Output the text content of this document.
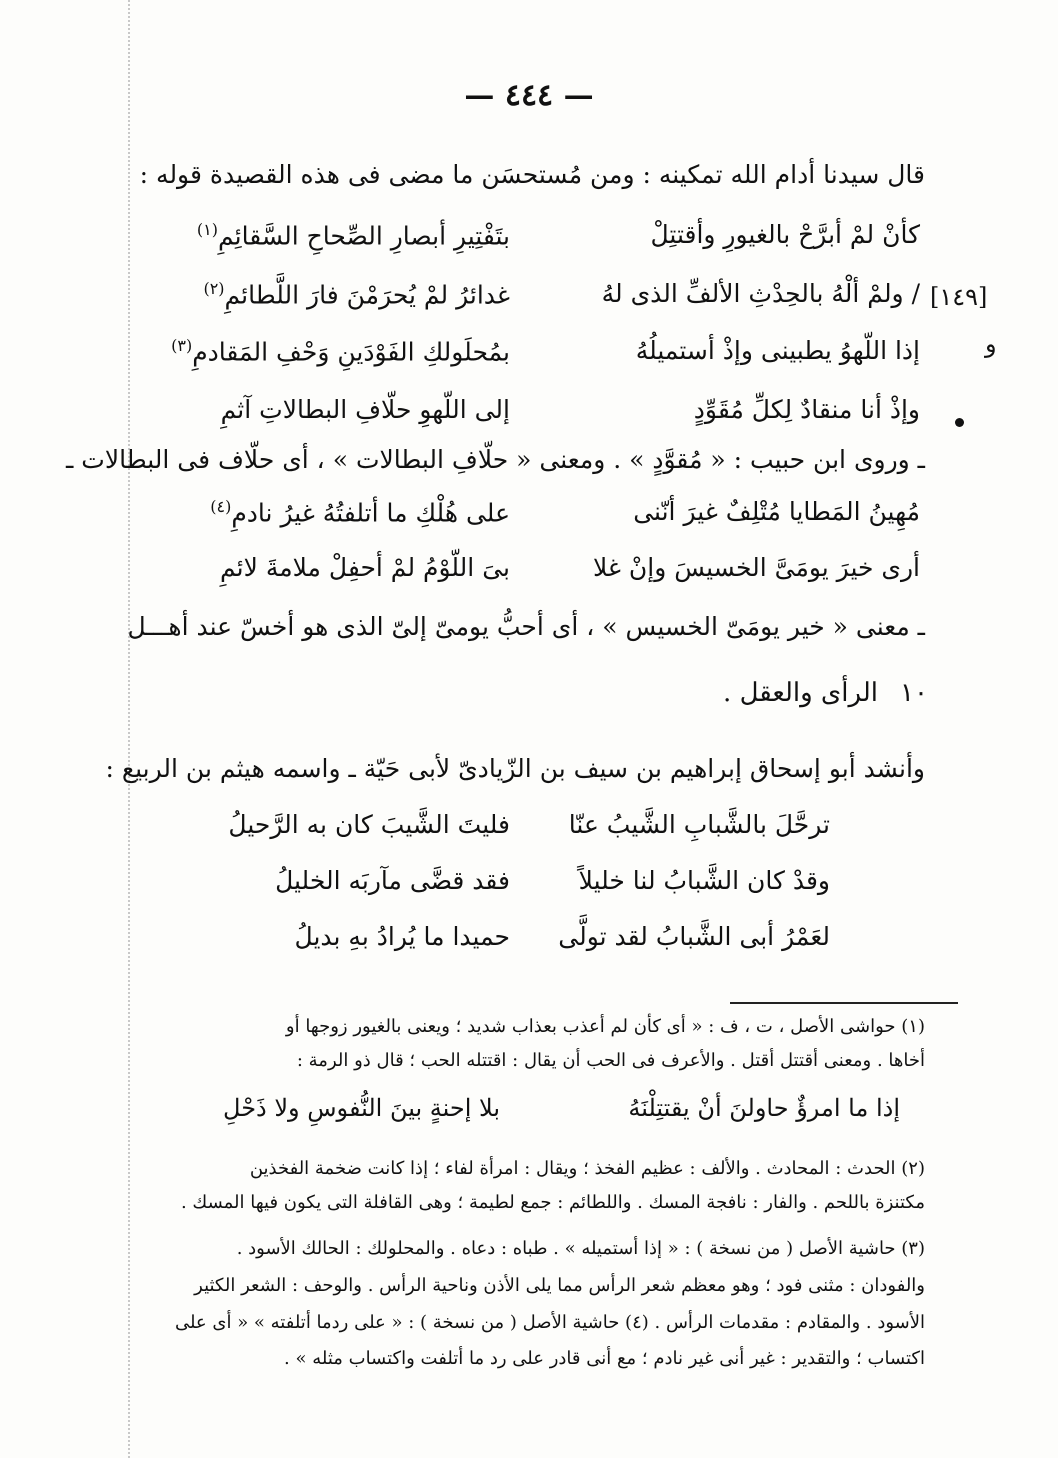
— ٤٤٤ —
قال سيدنا أدام الله تمكينه : ومن مُستحسَن ما مضى فى هذه القصيدة قوله :
كأنْ لمْ أبرَّحْ بالغيورِ وأقتتِلْ
بتَفْتِيرِ أبصارِ الصِّحاحِ السَّقائِمِ$^{(١)}$
/ ولمْ ألْهُ بالحِدْثِ الألفِّ الذى لهُ
غدائرُ لمْ يُحرَمْنَ فارَ اللَّطائمِ$^{(٢)}$
إذا اللّهوُ يطبينى وإذْ أستميلُهُ
بمُحلَولكِ الفَوْدَينِ وَحْفِ المَقادمِ$^{(٣)}$
وإذْ أنا منقادٌ لِكلِّ مُقَوِّدٍ
إلى اللّهوِ حلّافِ البطالاتِ آثمِ
[١٤٩]
و
ـ وروى ابن حبيب : « مُقوَّدٍ » . ومعنى « حلّافِ البطالات » ، أى حلّاف فى البطالات ـ
مُهِينُ المَطايا مُتْلِفٌ غيرَ أنّنى
على هُلْكِ ما أتلفتُهُ غيرُ نادمِ$^{(٤)}$
أرى خيرَ يومَىَّ الخسيسَ وإنْ غلا
بىَ اللّوْمُ لمْ أحفِلْ ملامةَ لائمِ
ـ معنى « خير يومَىّ الخسيس » ، أى أحبُّ يومىّ إلىّ الذى هو أخسّ عند أهـــل
١٠
الرأى والعقل .
وأنشد أبو إسحاق إبراهيم بن سيف بن الزّيادىّ لأبى حَيّة ـ واسمه هيثم بن الربيع :
ترحَّلَ بالشَّبابِ الشَّيبُ عنّا
فليتَ الشَّيبَ كان به الرَّحيلُ
وقدْ كان الشَّبابُ لنا خليلاً
فقد قضَّى مآربَه الخليلُ
لعَمْرُ أبى الشَّبابُ لقد تولَّى
حميدا ما يُرادُ بهِ بديلُ
(١) حواشى الأصل ، ت ، ف : « أى كأن لم أعذب بعذاب شديد ؛ ويعنى بالغيور زوجها أو
أخاها . ومعنى أقتتل أقتل . والأعرف فى الحب أن يقال : اقتتله الحب ؛ قال ذو الرمة :
إذا ما امرؤٌ حاولنَ أنْ يقتتِلْنَهُ
بلا إحنةٍ بينَ النُّفوسِ ولا ذَحْلِ
(٢) الحدث : المحادث . والألف : عظيم الفخذ ؛ ويقال : امرأة لفاء ؛ إذا كانت ضخمة الفخذين
مكتنزة باللحم . والفار : نافجة المسك . واللطائم : جمع لطيمة ؛ وهى القافلة التى يكون فيها المسك .
(٣) حاشية الأصل ( من نسخة ) : « إذا أستميله » . طباه : دعاه . والمحلولك : الحالك الأسود .
والفودان : مثنى فود ؛ وهو معظم شعر الرأس مما يلى الأذن وناحية الرأس . والوحف : الشعر الكثير
الأسود . والمقادم : مقدمات الرأس . (٤) حاشية الأصل ( من نسخة ) : « على ردما أتلفته » « أى على
اكتساب ؛ والتقدير : غير أنى غير نادم ؛ مع أنى قادر على رد ما أتلفت واكتساب مثله » .
